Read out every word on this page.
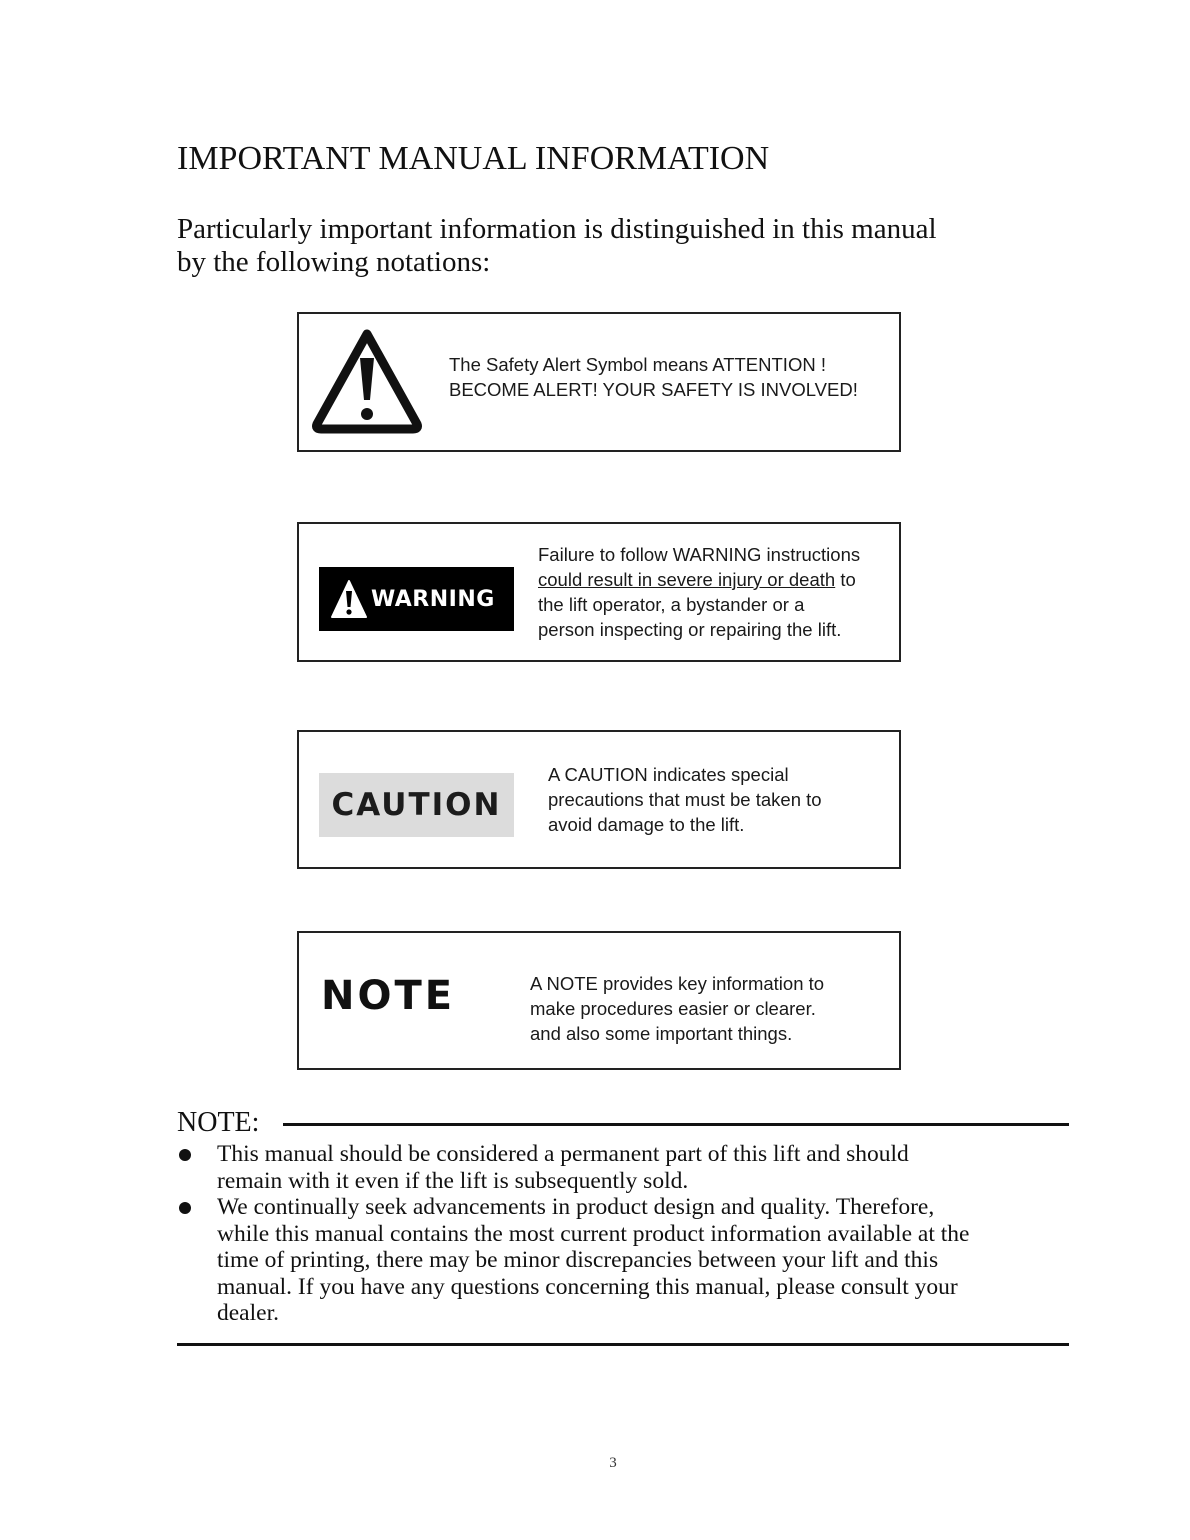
IMPORTANT MANUAL INFORMATION

Particularly important information is distinguished in this manual
by the following notations:

The Safety Alert Symbol means ATTENTION !
BECOME ALERT! YOUR SAFETY IS INVOLVED!

WARNING

Failure to follow WARNING instructions
could result in severe injury or death to
the lift operator, a bystander or a
person inspecting or repairing the lift.

CAUTION

A CAUTION indicates special
precautions that must be taken to
avoid damage to the lift.

NOTE	A NOTE provides key information to
make procedures easier or clearer.
and also some important things.

NOTE:

This manual should be considered a permanent part of this lift and should
remain with it even if the lift is subsequently sold.
We continually seek advancements in product design and quality. Therefore,
while this manual contains the most current product information available at the
time of printing, there may be minor discrepancies between your lift and this
manual. If you have any questions concerning this manual, please consult your
dealer.
3
